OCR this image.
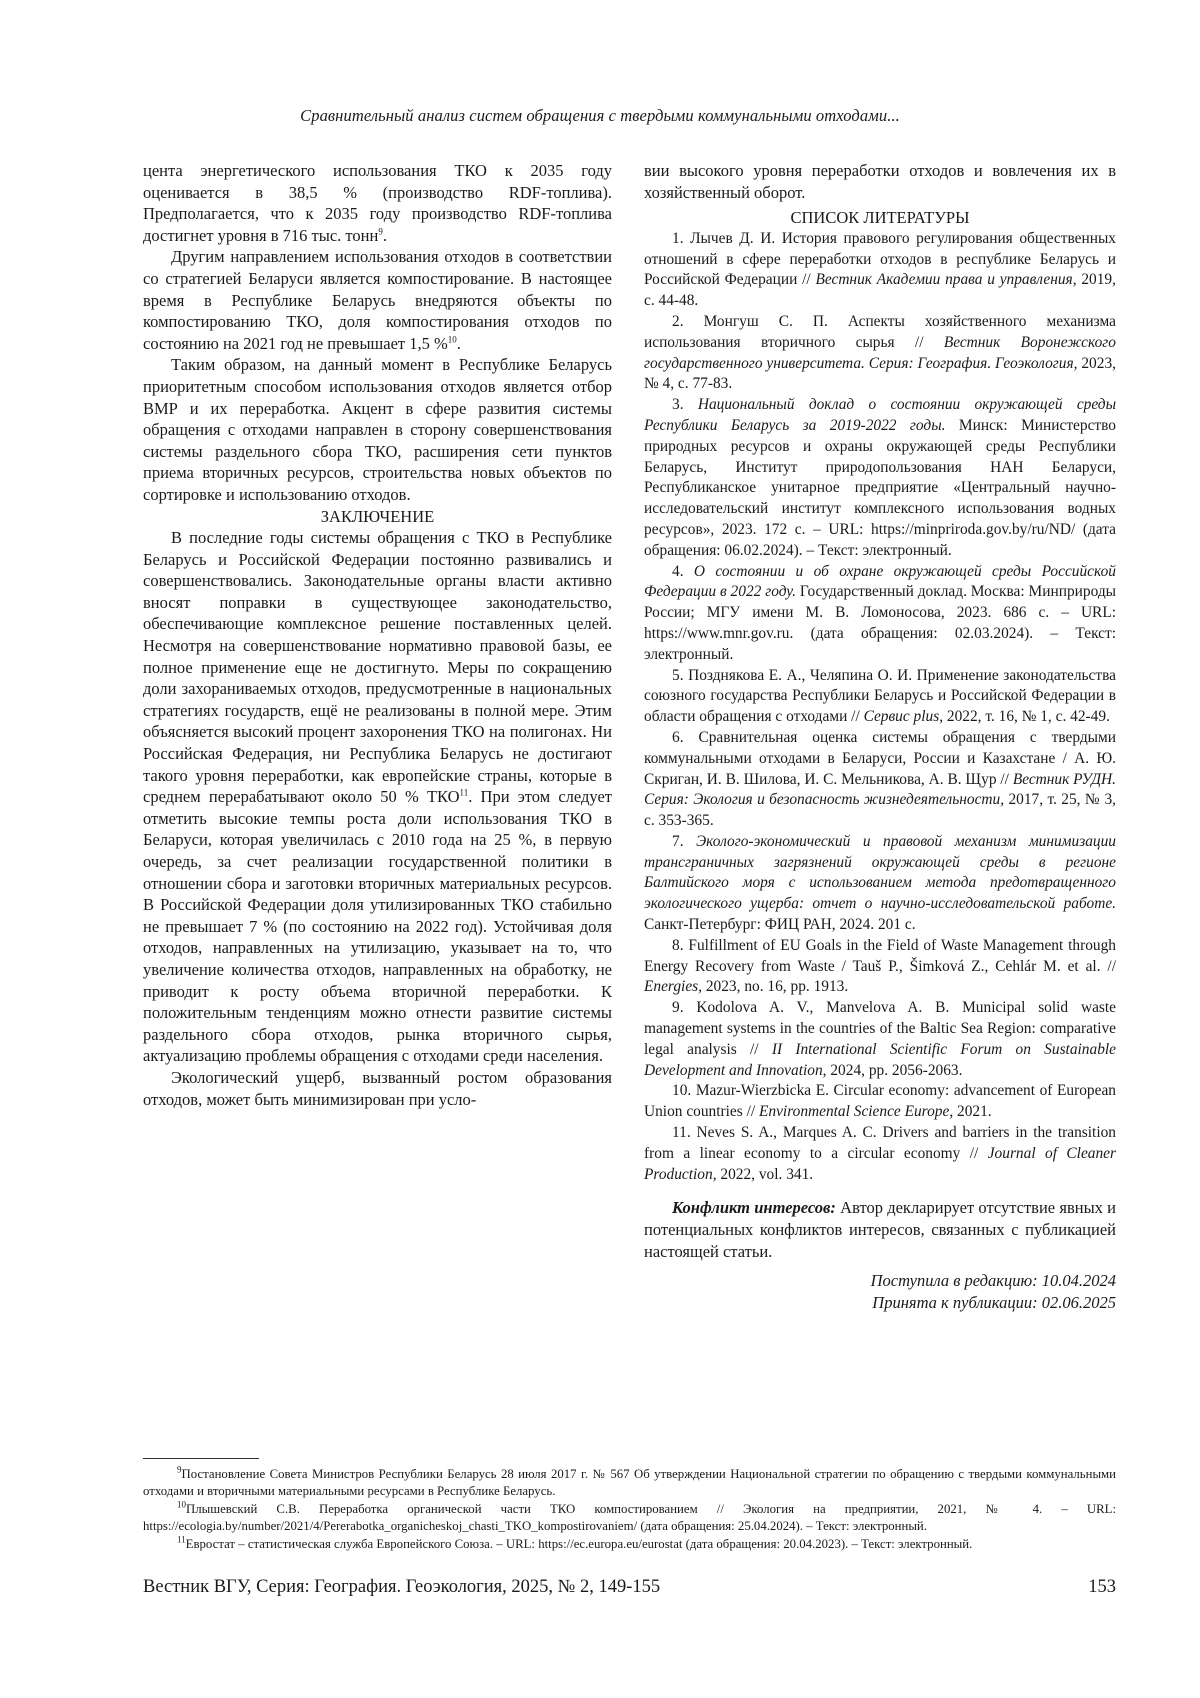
Сравнительный анализ систем обращения с твердыми коммунальными отходами...

цента энергетического использования ТКО к 2035 году оценивается в 38,5 % (производство RDF-топлива). Предполагается, что к 2035 году производство RDF-топлива достигнет уровня в 716 тыс. тонн$^9$.

Другим направлением использования отходов в соответствии со стратегией Беларуси является компостирование. В настоящее время в Республике Беларусь внедряются объекты по компостированию ТКО, доля компостирования отходов по состоянию на 2021 год не превышает 1,5 %$^{10}$.

Таким образом, на данный момент в Республике Беларусь приоритетным способом использования отходов является отбор ВМР и их переработка. Акцент в сфере развития системы обращения с отходами направлен в сторону совершенствования системы раздельного сбора ТКО, расширения сети пунктов приема вторичных ресурсов, строительства новых объектов по сортировке и использованию отходов.

ЗАКЛЮЧЕНИЕ

В последние годы системы обращения с ТКО в Республике Беларусь и Российской Федерации постоянно развивались и совершенствовались. Законодательные органы власти активно вносят поправки в существующее законодательство, обеспечивающие комплексное решение поставленных целей. Несмотря на совершенствование нормативно правовой базы, ее полное применение еще не достигнуто. Меры по сокращению доли захораниваемых отходов, предусмотренные в национальных стратегиях государств, ещё не реализованы в полной мере. Этим объясняется высокий процент захоронения ТКО на полигонах. Ни Российская Федерация, ни Республика Беларусь не достигают такого уровня переработки, как европейские страны, которые в среднем перерабатывают около 50 % ТКО$^{11}$. При этом следует отметить высокие темпы роста доли использования ТКО в Беларуси, которая увеличилась с 2010 года на 25 %, в первую очередь, за счет реализации государственной политики в отношении сбора и заготовки вторичных материальных ресурсов. В Российской Федерации доля утилизированных ТКО стабильно не превышает 7 % (по состоянию на 2022 год). Устойчивая доля отходов, направленных на утилизацию, указывает на то, что увеличение количества отходов, направленных на обработку, не приводит к росту объема вторичной переработки. К положительным тенденциям можно отнести развитие системы раздельного сбора отходов, рынка вторичного сырья, актуализацию проблемы обращения с отходами среди населения.

Экологический ущерб, вызванный ростом образования отходов, может быть минимизирован при усло-

вии высокого уровня переработки отходов и вовлечения их в хозяйственный оборот.

СПИСОК ЛИТЕРАТУРЫ

1. Лычев Д. И. История правового регулирования общественных отношений в сфере переработки отходов в республике Беларусь и Российской Федерации // Вестник Академии права и управления, 2019, с. 44-48.

2. Монгуш С. П. Аспекты хозяйственного механизма использования вторичного сырья // Вестник Воронежского государственного университета. Серия: География. Геоэкология, 2023, № 4, с. 77-83.

3. Национальный доклад о состоянии окружающей среды Республики Беларусь за 2019-2022 годы. Минск: Министерство природных ресурсов и охраны окружающей среды Республики Беларусь, Институт природопользования НАН Беларуси, Республиканское унитарное предприятие «Центральный научно-исследовательский институт комплексного использования водных ресурсов», 2023. 172 с. – URL: https://minpriroda.gov.by/ru/ND/ (дата обращения: 06.02.2024). – Текст: электронный.

4. О состоянии и об охране окружающей среды Российской Федерации в 2022 году. Государственный доклад. Москва: Минприроды России; МГУ имени М. В. Ломоносова, 2023. 686 с. – URL: https://www.mnr.gov.ru. (дата обращения: 02.03.2024). – Текст: электронный.

5. Позднякова Е. А., Челяпина О. И. Применение законодательства союзного государства Республики Беларусь и Российской Федерации в области обращения с отходами // Сервис plus, 2022, т. 16, № 1, с. 42-49.

6. Сравнительная оценка системы обращения с твердыми коммунальными отходами в Беларуси, России и Казахстане / А. Ю. Скриган, И. В. Шилова, И. С. Мельникова, А. В. Щур // Вестник РУДН. Серия: Экология и безопасность жизнедеятельности, 2017, т. 25, № 3, с. 353-365.

7. Эколого-экономический и правовой механизм минимизации трансграничных загрязнений окружающей среды в регионе Балтийского моря с использованием метода предотвращенного экологического ущерба: отчет о научно-исследовательской работе. Санкт-Петербург: ФИЦ РАН, 2024. 201 с.

8. Fulfillment of EU Goals in the Field of Waste Management through Energy Recovery from Waste / Tauš P., Šimková Z., Cehlár M. et al. // Energies, 2023, no. 16, pp. 1913.

9. Kodolova A. V., Manvelova A. B. Municipal solid waste management systems in the countries of the Baltic Sea Region: comparative legal analysis // II International Scientific Forum on Sustainable Development and Innovation, 2024, pp. 2056-2063.

10. Mazur-Wierzbicka E. Circular economy: advancement of European Union countries // Environmental Science Europe, 2021.

11. Neves S. A., Marques A. C. Drivers and barriers in the transition from a linear economy to a circular economy // Journal of Cleaner Production, 2022, vol. 341.

Конфликт интересов: Автор декларирует отсутствие явных и потенциальных конфликтов интересов, связанных с публикацией настоящей статьи.

Поступила в редакцию: 10.04.2024
Принята к публикации: 02.06.2025

$^9$Постановление Совета Министров Республики Беларусь 28 июля 2017 г. № 567 Об утверждении Национальной стратегии по обращению с твердыми коммунальными отходами и вторичными материальными ресурсами в Республике Беларусь.

$^{10}$Плышевский С.В. Переработка органической части ТКО компостированием // Экология на предприятии, 2021, № 4. – URL: https://ecologia.by/number/2021/4/Pererabotka_organicheskoj_chasti_TKO_kompostirovaniem/ (дата обращения: 25.04.2024). – Текст: электронный.

$^{11}$Евростат – статистическая служба Европейского Союза. – URL: https://ec.europa.eu/eurostat (дата обращения: 20.04.2023). – Текст: электронный.

Вестник ВГУ, Серия: География. Геоэкология, 2025, № 2, 149-155	153
